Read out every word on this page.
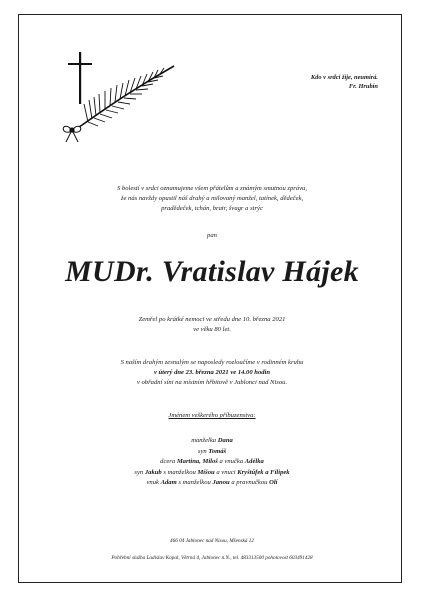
Kdo v srdci žije, neumírá.
Fr. Hrubín
S bolestí v srdci oznamujeme všem přátelům a známým smutnou zprávu,
že nás navždy opustil náš drahý a milovaný manžel, tatínek, dědeček,
pradědeček, tchán, bratr, švagr a strýc
pan
MUDr. Vratislav Hájek
Zemřel po krátké nemoci ve středu dne 10. března 2021
ve věku 80 let.
S naším drahým zesnulým se naposledy rozloučíme v rodinném kruhu
v úterý dne 23. března 2021 ve 14.00 hodin
v obřadní síni na místním hřbitově v Jablonci nad Nisou.
Jménem veškerého příbuzenstva:
manželka Dana
syn Tomáš
dcera Martina, Miloš a vnučka Adélka
syn Jakub s manželkou Míšou a vnuci Kryštůfek a Filipek
vnuk Adam s manželkou Janou a pravnučkou Olí
466 04 Jablonec nad Nisou, Mšenská 12
Pohřební služba Ladislav Kopal, Větrná 4, Jablonec n.N., tel. 483313500 pohotovost 603491428
